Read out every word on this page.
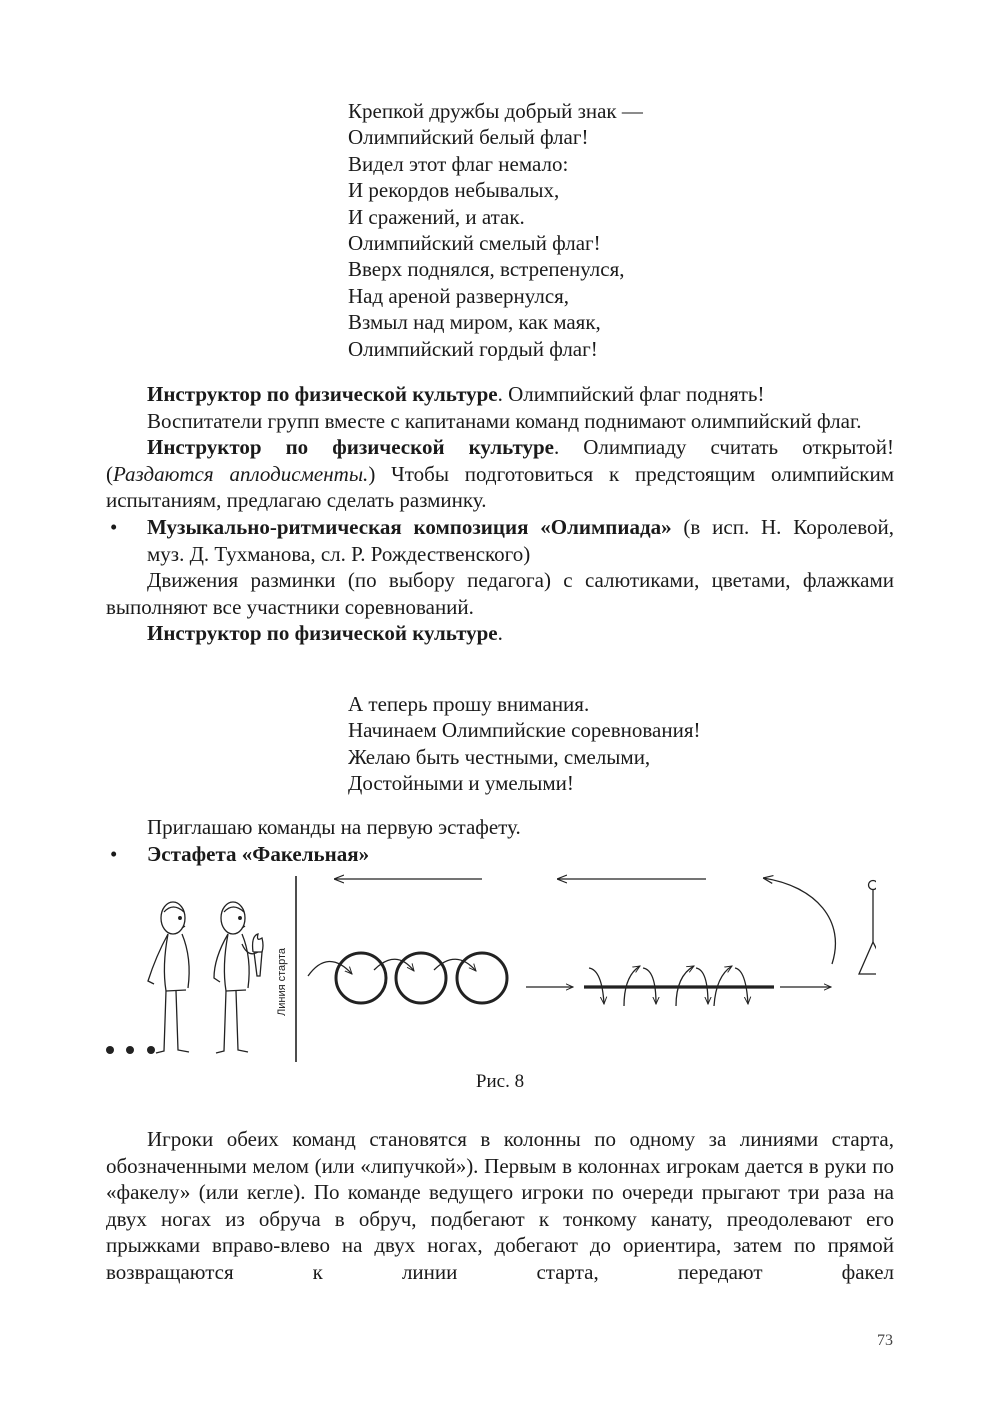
Крепкой дружбы добрый знак —
Олимпийский белый флаг!
Видел этот флаг немало:
И рекордов небывалых,
И сражений, и атак.
Олимпийский смелый флаг!
Вверх поднялся, встрепенулся,
Над ареной развернулся,
Взмыл над миром, как маяк,
Олимпийский гордый флаг!

Инструктор по физической культуре. Олимпийский флаг поднять!

Воспитатели групп вместе с капитанами команд поднимают олимпийский флаг.

Инструктор по физической культуре. Олимпиаду считать открытой! (Раздаются аплодисменты.) Чтобы подготовиться к предстоящим олимпийским испытаниям, предлагаю сделать разминку.

• Музыкально-ритмическая композиция «Олимпиада» (в исп. Н. Королевой, муз. Д. Тухманова, сл. Р. Рождественского)

Движения разминки (по выбору педагога) с салютиками, цветами, флажками выполняют все участники соревнований.

Инструктор по физической культуре.

А теперь прошу внимания.
Начинаем Олимпийские соревнования!
Желаю быть честными, смелыми,
Достойными и умелыми!

Приглашаю команды на первую эстафету.

• Эстафета «Факельная»

Линия старта
Рис. 8

Игроки обеих команд становятся в колонны по одному за линиями старта, обозначенными мелом (или «липучкой»). Первым в колоннах игрокам дается в руки по «факелу» (или кегле). По команде ведущего игроки по очереди прыгают три раза на двух ногах из обруча в обруч, подбегают к тонкому канату, преодолевают его прыжками вправо-влево на двух ногах, добегают до ориентира, затем по прямой возвращаются к линии старта, передают факел

73
